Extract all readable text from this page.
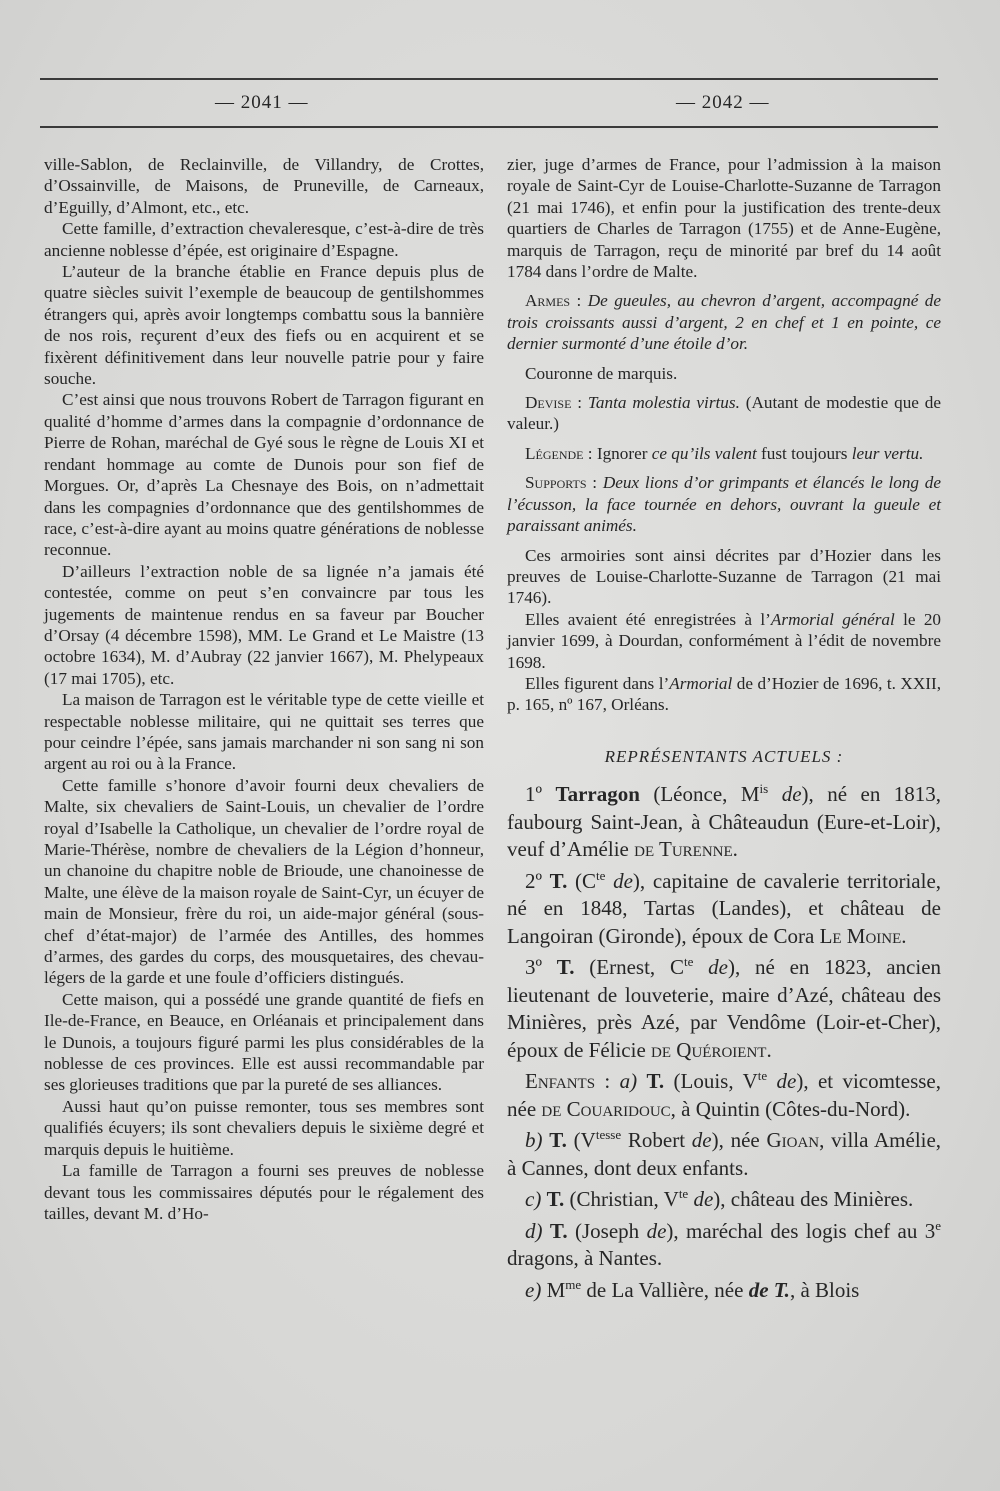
— 2041 —	— 2042 —

ville-Sablon, de Reclainville, de Villandry, de Crottes, d’Ossainville, de Maisons, de Pruneville, de Carneaux, d’Eguilly, d’Almont, etc., etc.

Cette famille, d’extraction chevaleresque, c’est-à-dire de très ancienne noblesse d’épée, est originaire d’Espagne.

L’auteur de la branche établie en France depuis plus de quatre siècles suivit l’exemple de beaucoup de gentilshommes étrangers qui, après avoir longtemps combattu sous la bannière de nos rois, reçurent d’eux des fiefs ou en acquirent et se fixèrent définitivement dans leur nouvelle patrie pour y faire souche.

C’est ainsi que nous trouvons Robert de Tarragon figurant en qualité d’homme d’armes dans la compagnie d’ordonnance de Pierre de Rohan, maréchal de Gyé sous le règne de Louis XI et rendant hommage au comte de Dunois pour son fief de Morgues. Or, d’après La Chesnaye des Bois, on n’admettait dans les compagnies d’ordonnance que des gentilshommes de race, c’est-à-dire ayant au moins quatre générations de noblesse reconnue.

D’ailleurs l’extraction noble de sa lignée n’a jamais été contestée, comme on peut s’en convaincre par tous les jugements de maintenue rendus en sa faveur par Boucher d’Orsay (4 décembre 1598), MM. Le Grand et Le Maistre (13 octobre 1634), M. d’Aubray (22 janvier 1667), M. Phelypeaux (17 mai 1705), etc.

La maison de Tarragon est le véritable type de cette vieille et respectable noblesse militaire, qui ne quittait ses terres que pour ceindre l’épée, sans jamais marchander ni son sang ni son argent au roi ou à la France.

Cette famille s’honore d’avoir fourni deux chevaliers de Malte, six chevaliers de Saint-Louis, un chevalier de l’ordre royal d’Isabelle la Catholique, un chevalier de l’ordre royal de Marie-Thérèse, nombre de chevaliers de la Légion d’honneur, un chanoine du chapitre noble de Brioude, une chanoinesse de Malte, une élève de la maison royale de Saint-Cyr, un écuyer de main de Monsieur, frère du roi, un aide-major général (sous-chef d’état-major) de l’armée des Antilles, des hommes d’armes, des gardes du corps, des mousquetaires, des chevau-légers de la garde et une foule d’officiers distingués.

Cette maison, qui a possédé une grande quantité de fiefs en Ile-de-France, en Beauce, en Orléanais et principalement dans le Dunois, a toujours figuré parmi les plus considérables de la noblesse de ces provinces. Elle est aussi recommandable par ses glorieuses traditions que par la pureté de ses alliances.

Aussi haut qu’on puisse remonter, tous ses membres sont qualifiés écuyers; ils sont chevaliers depuis le sixième degré et marquis depuis le huitième.

La famille de Tarragon a fourni ses preuves de noblesse devant tous les commissaires députés pour le régalement des tailles, devant M. d’Ho-

zier, juge d’armes de France, pour l’admission à la maison royale de Saint-Cyr de Louise-Charlotte-Suzanne de Tarragon (21 mai 1746), et enfin pour la justification des trente-deux quartiers de Charles de Tarragon (1755) et de Anne-Eugène, marquis de Tarragon, reçu de minorité par bref du 14 août 1784 dans l’ordre de Malte.

Armes : De gueules, au chevron d’argent, accompagné de trois croissants aussi d’argent, 2 en chef et 1 en pointe, ce dernier surmonté d’une étoile d’or.

Couronne de marquis.

Devise : Tanta molestia virtus. (Autant de modestie que de valeur.)

Légende : Ignorer ce qu’ils valent fust toujours leur vertu.

Supports : Deux lions d’or grimpants et élancés le long de l’écusson, la face tournée en dehors, ouvrant la gueule et paraissant animés.

Ces armoiries sont ainsi décrites par d’Hozier dans les preuves de Louise-Charlotte-Suzanne de Tarragon (21 mai 1746).

Elles avaient été enregistrées à l’Armorial général le 20 janvier 1699, à Dourdan, conformément à l’édit de novembre 1698.

Elles figurent dans l’Armorial de d’Hozier de 1696, t. XXII, p. 165, nº 167, Orléans.

REPRÉSENTANTS ACTUELS :

1º Tarragon (Léonce, $M^{is}$ de), né en 1813, faubourg Saint-Jean, à Châteaudun (Eure-et-Loir), veuf d’Amélie de Turenne.

2º T. ($C^{te}$ de), capitaine de cavalerie territoriale, né en 1848, Tartas (Landes), et château de Langoiran (Gironde), époux de Cora Le Moine.

3º T. (Ernest, $C^{te}$ de), né en 1823, ancien lieutenant de louveterie, maire d’Azé, château des Minières, près Azé, par Vendôme (Loir-et-Cher), époux de Félicie de Quéroient.

Enfants : a) T. (Louis, $V^{te}$ de), et vicomtesse, née de Couaridouc, à Quintin (Côtes-du-Nord).

b) T. ($V^{tesse}$ Robert de), née Gioan, villa Amélie, à Cannes, dont deux enfants.

c) T. (Christian, $V^{te}$ de), château des Minières.

d) T. (Joseph de), maréchal des logis chef au 3e dragons, à Nantes.

e) $M^{me}$ de La Vallière, née de T., à Blois
